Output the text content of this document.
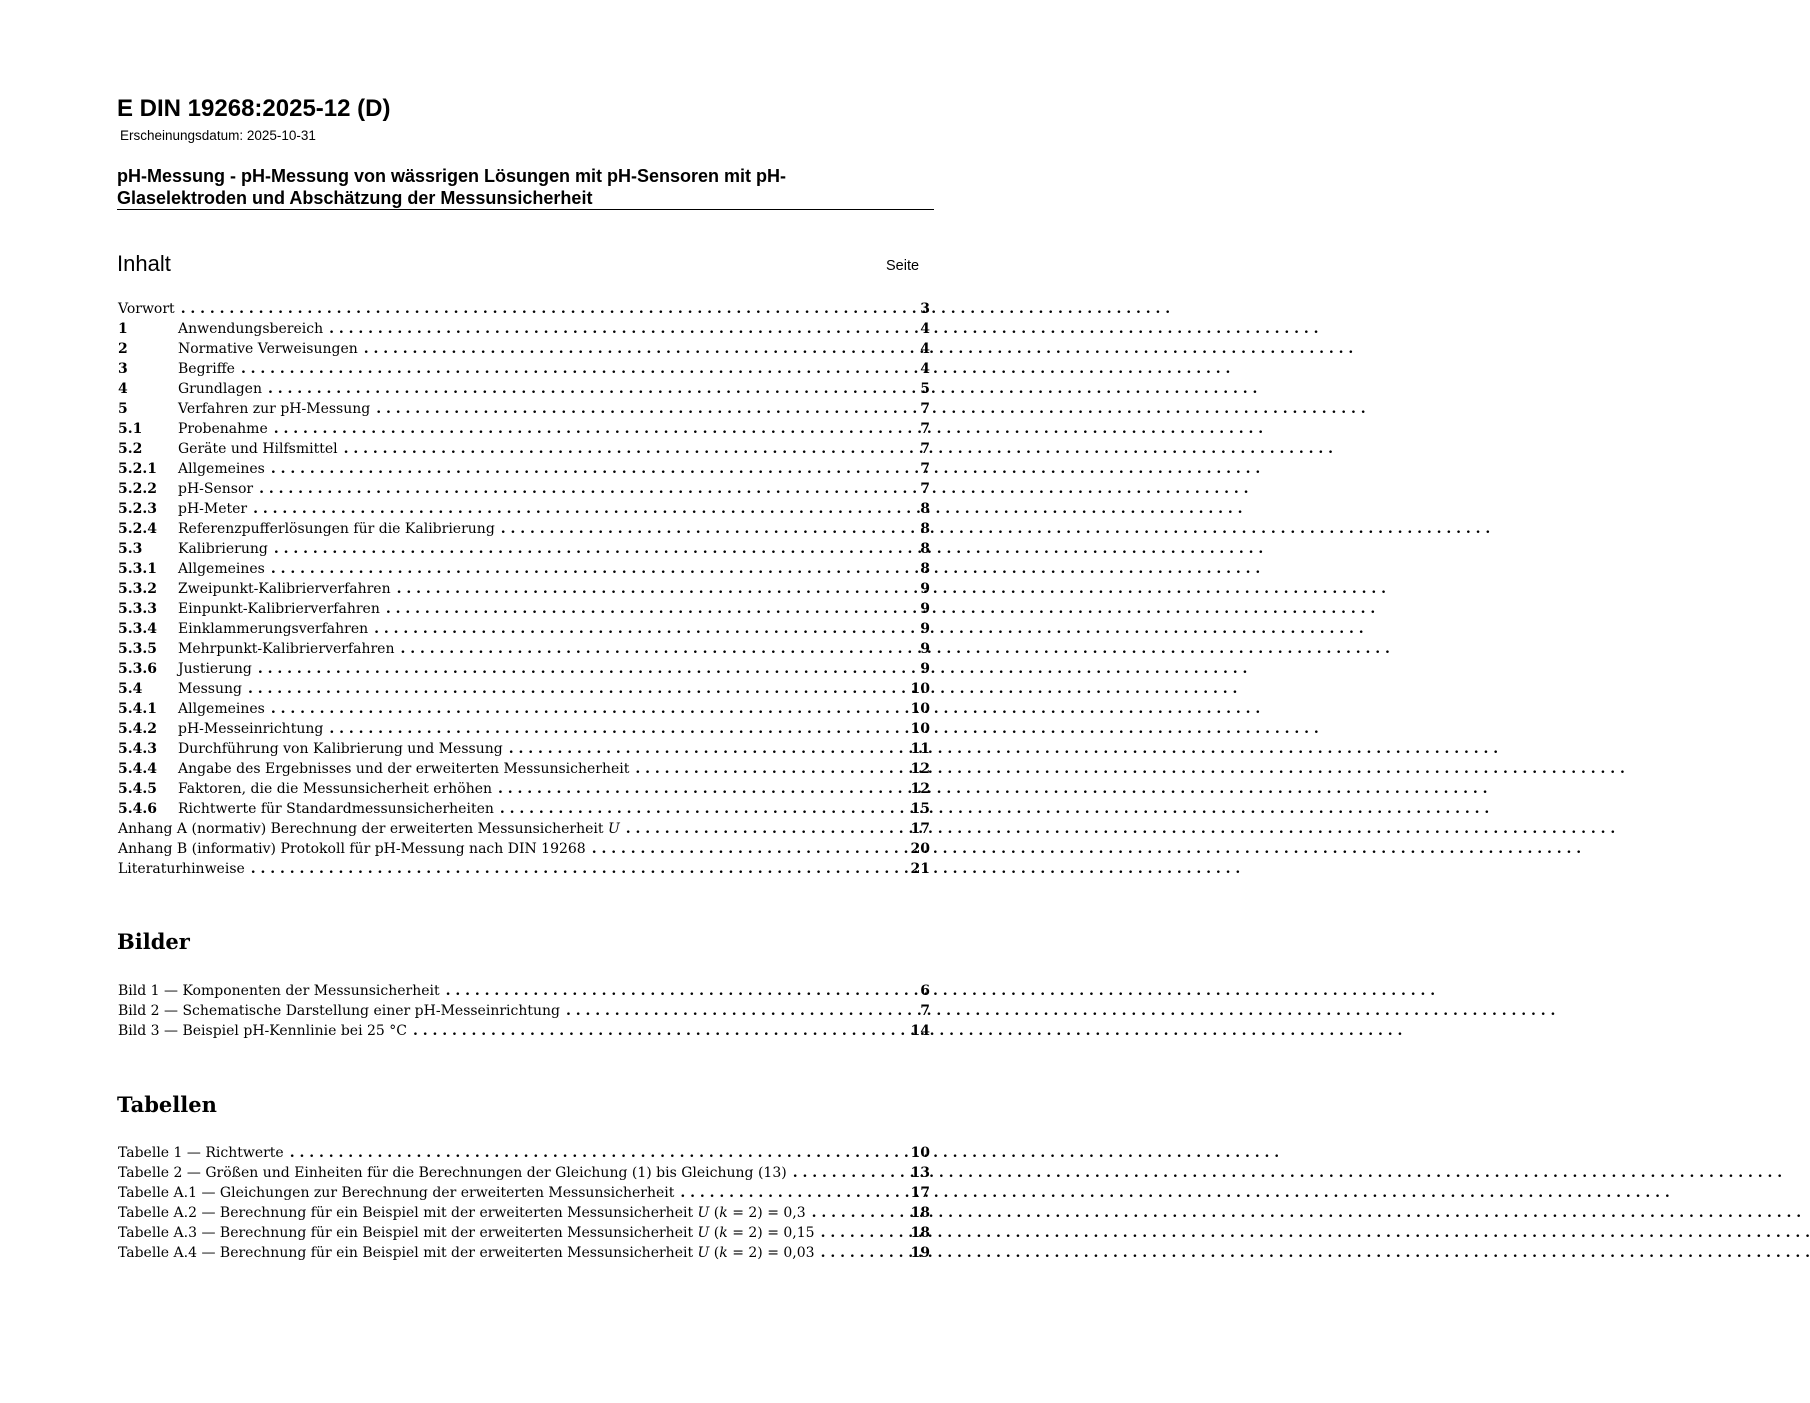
E DIN 19268:2025-12 (D)
Erscheinungsdatum: 2025-10-31
pH-Messung - pH-Messung von wässrigen Lösungen mit pH-Sensoren mit pH-
Glaselektroden und Abschätzung der Messunsicherheit
Inhalt	Seite
Vorwort . . .	3
1	Anwendungsbereich . . .	4
2	Normative Verweisungen . . .	4
3	Begriffe . . .	4
4	Grundlagen . . .	5
5	Verfahren zur pH-Messung . . .	7
5.1	Probenahme . . .	7
5.2	Geräte und Hilfsmittel . . .	7
5.2.1	Allgemeines . . .	7
5.2.2	pH-Sensor . . .	7
5.2.3	pH-Meter . . .	8
5.2.4	Referenzpufferlösungen für die Kalibrierung . . .	8
5.3	Kalibrierung . . .	8
5.3.1	Allgemeines . . .	8
5.3.2	Zweipunkt-Kalibrierverfahren . . .	9
5.3.3	Einpunkt-Kalibrierverfahren . . .	9
5.3.4	Einklammerungsverfahren . . .	9
5.3.5	Mehrpunkt-Kalibrierverfahren . . .	9
5.3.6	Justierung . . .	9
5.4	Messung . . .	10
5.4.1	Allgemeines . . .	10
5.4.2	pH-Messeinrichtung . . .	10
5.4.3	Durchführung von Kalibrierung und Messung . . .	11
5.4.4	Angabe des Ergebnisses und der erweiterten Messunsicherheit . . .	12
5.4.5	Faktoren, die die Messunsicherheit erhöhen . . .	12
5.4.6	Richtwerte für Standardmessunsicherheiten . . .	15
Anhang A (normativ) Berechnung der erweiterten Messunsicherheit U . . .	17
Anhang B (informativ) Protokoll für pH-Messung nach DIN 19268 . . .	20
Literaturhinweise . . .	21
Bilder
Bild 1 — Komponenten der Messunsicherheit . . .	6
Bild 2 — Schematische Darstellung einer pH-Messeinrichtung . . .	7
Bild 3 — Beispiel pH-Kennlinie bei 25 °C . . .	14
Tabellen
Tabelle 1 — Richtwerte . . .	10
Tabelle 2 — Größen und Einheiten für die Berechnungen der Gleichung (1) bis Gleichung (13) . . .	13
Tabelle A.1 — Gleichungen zur Berechnung der erweiterten Messunsicherheit . . .	17
Tabelle A.2 — Berechnung für ein Beispiel mit der erweiterten Messunsicherheit U (k = 2) = 0,3 . . .	18
Tabelle A.3 — Berechnung für ein Beispiel mit der erweiterten Messunsicherheit U (k = 2) = 0,15 . . .	18
Tabelle A.4 — Berechnung für ein Beispiel mit der erweiterten Messunsicherheit U (k = 2) = 0,03 . . .	19
